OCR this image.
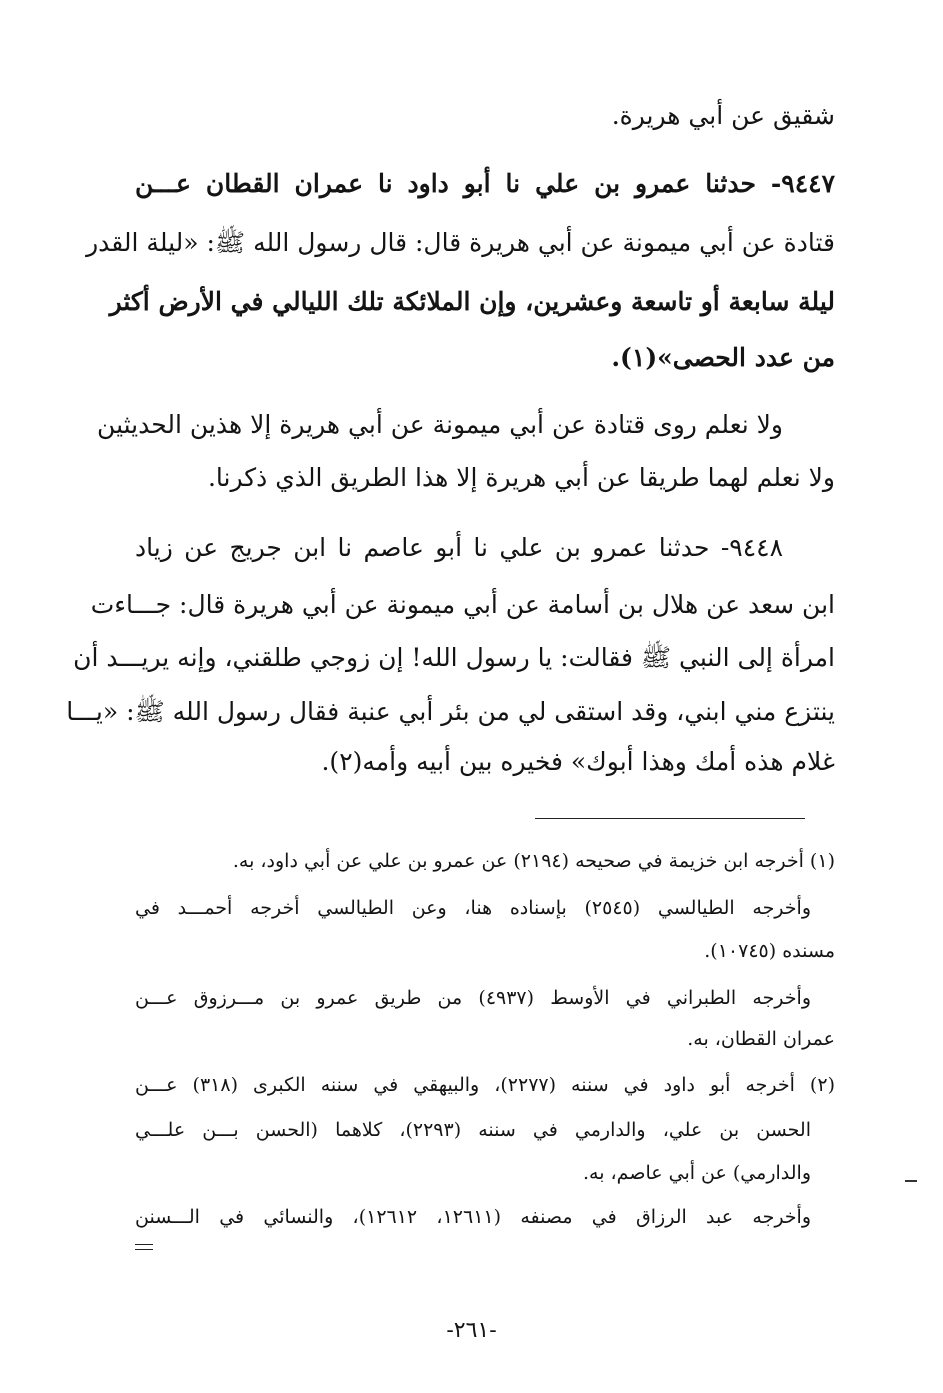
شقيق عن أبي هريرة.
٩٤٤٧- حدثنا عمرو بن علي نا أبو داود نا عمران القطان عـــن
قتادة عن أبي ميمونة عن أبي هريرة قال: قال رسول الله ﷺ: «ليلة القدر
ليلة سابعة أو تاسعة وعشرين، وإن الملائكة تلك الليالي في الأرض أكثر
من عدد الحصى»(١).
ولا نعلم روى قتادة عن أبي ميمونة عن أبي هريرة إلا هذين الحديثين
ولا نعلم لهما طريقا عن أبي هريرة إلا هذا الطريق الذي ذكرنا.
٩٤٤٨- حدثنا عمرو بن علي نا أبو عاصم نا ابن جريج عن زياد
ابن سعد عن هلال بن أسامة عن أبي ميمونة عن أبي هريرة قال: جـــاءت
امرأة إلى النبي ﷺ فقالت: يا رسول الله! إن زوجي طلقني، وإنه يريـــد أن
ينتزع مني ابني، وقد استقى لي من بئر أبي عنبة فقال رسول الله ﷺ: «يـــا
غلام هذه أمك وهذا أبوك» فخيره بين أبيه وأمه(٢).
(١) أخرجه ابن خزيمة في صحيحه (٢١٩٤) عن عمرو بن علي عن أبي داود، به.
وأخرجه الطيالسي (٢٥٤٥) بإسناده هنا، وعن الطيالسي أخرجه أحمـــد في
مسنده (١٠٧٤٥).
وأخرجه الطبراني في الأوسط (٤٩٣٧) من طريق عمرو بن مـــرزوق عـــن
عمران القطان، به.
(٢) أخرجه أبو داود في سننه (٢٢٧٧)، والبيهقي في سننه الكبرى (٣١٨) عـــن
الحسن بن علي، والدارمي في سننه (٢٢٩٣)، كلاهما (الحسن بـــن علـــي
والدارمي) عن أبي عاصم، به.
وأخرجه عبد الرزاق في مصنفه (١٢٦١١، ١٢٦١٢)، والنسائي في الـــسنن
-٢٦١-
